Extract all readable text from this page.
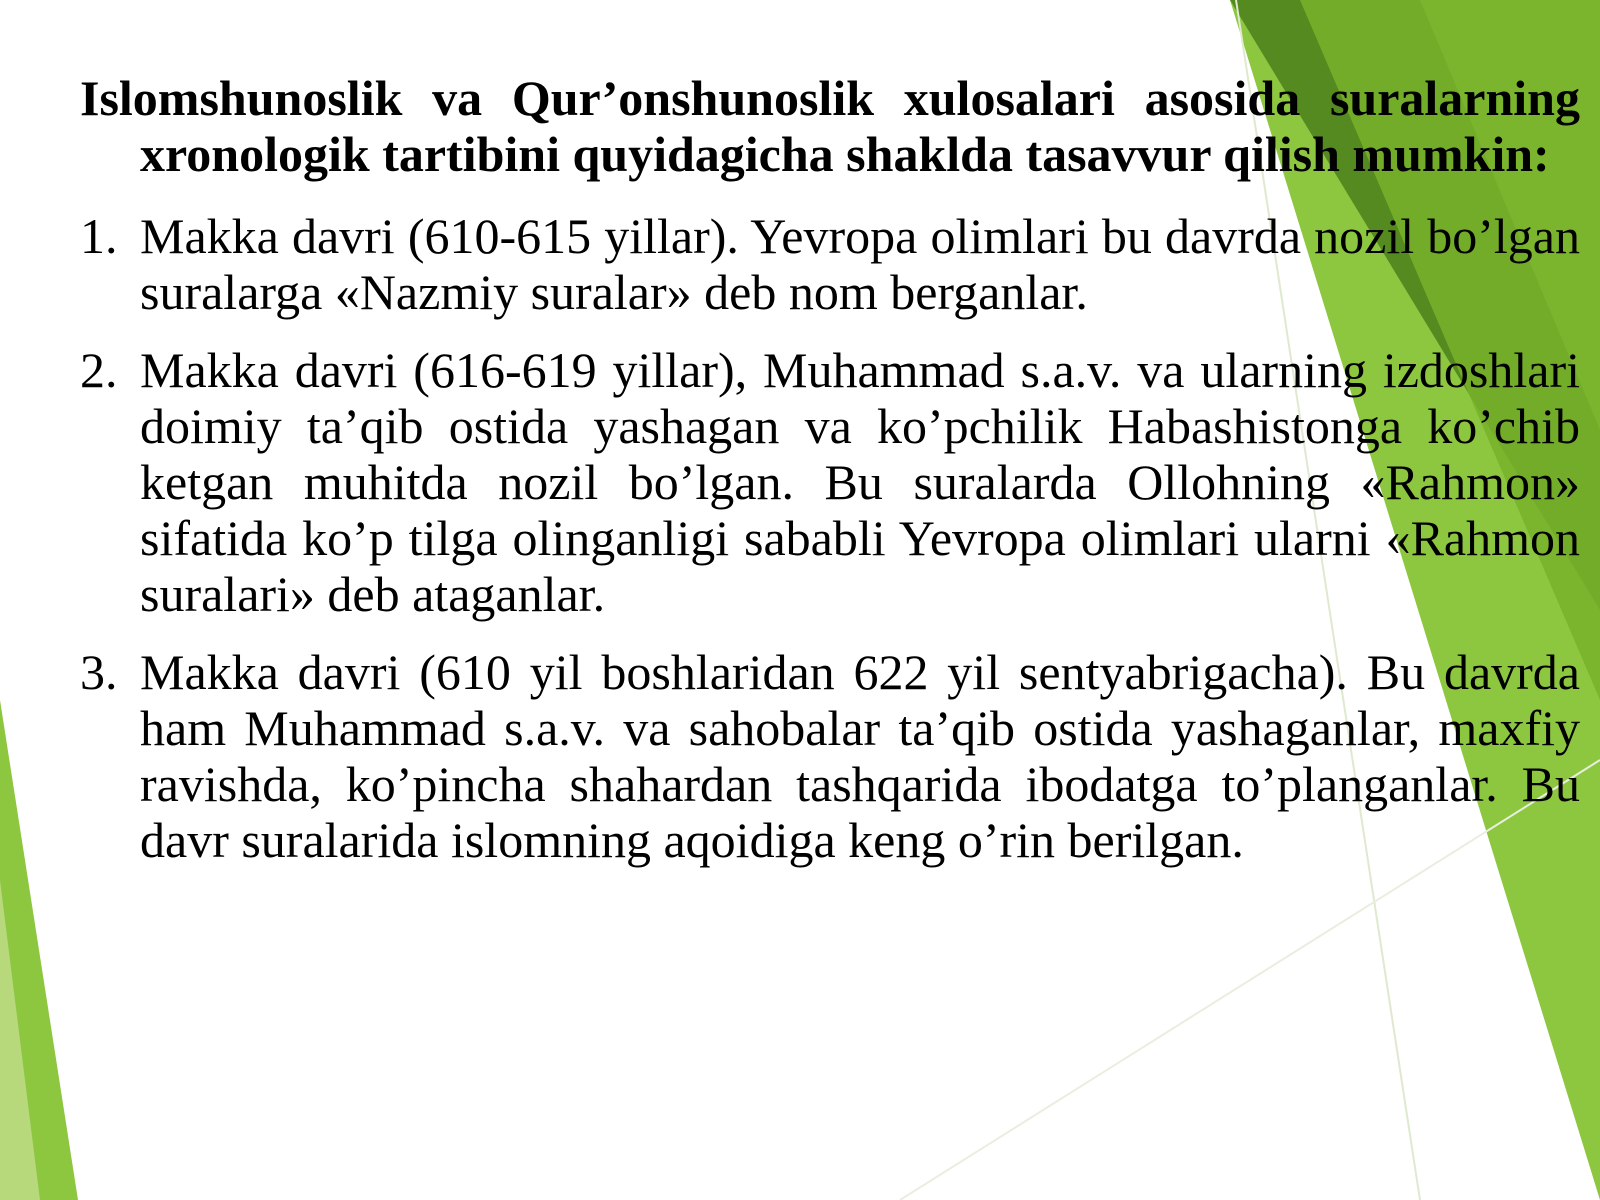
Islomshunoslik va Qur’onshunoslik xulosalari asosida suralarning xronologik tartibini quyidagicha shaklda tasavvur qilish mumkin:

1. Makka davri (610-615 yillar). Yevropa olimlari bu davrda nozil bo’lgan suralarga «Nazmiy suralar» deb nom berganlar.

2. Makka davri (616-619 yillar), Muhammad s.a.v. va ularning izdoshlari doimiy ta’qib ostida yashagan va ko’pchilik Habashistonga ko’chib ketgan muhitda nozil bo’lgan. Bu suralarda Ollohning «Rahmon» sifatida ko’p tilga olinganligi sababli Yevropa olimlari ularni «Rahmon suralari» deb ataganlar.

3. Makka davri (610 yil boshlaridan 622 yil sentyabrigacha). Bu davrda ham Muhammad s.a.v. va sahobalar ta’qib ostida yashaganlar, maxfiy ravishda, ko’pincha shahardan tashqarida ibodatga to’planganlar. Bu davr suralarida islomning aqoidiga keng o’rin berilgan.
